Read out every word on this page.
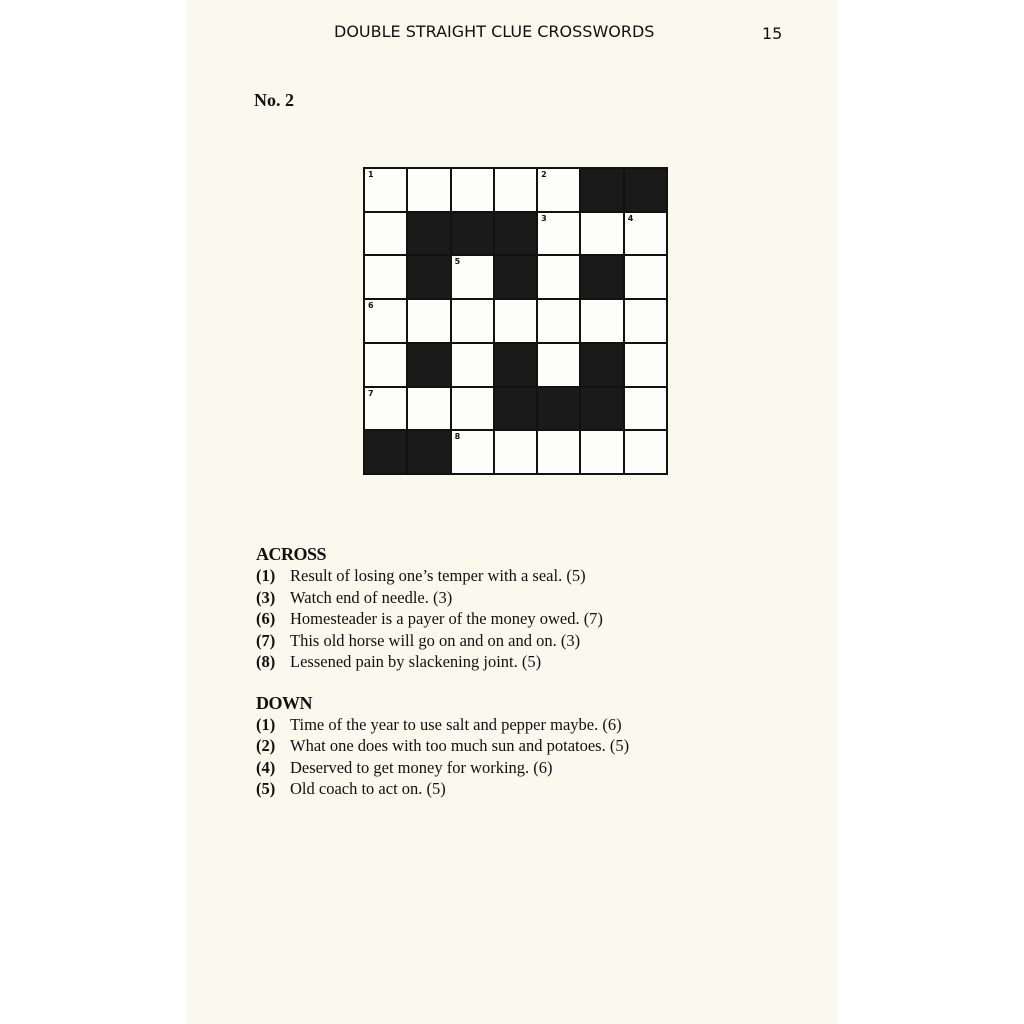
DOUBLE STRAIGHT CLUE CROSSWORDS	15
No. 2
1	2
3	4
5
6
7
8
ACROSS
(1) Result of losing one’s temper with a seal. (5)
(3) Watch end of needle. (3)
(6) Homesteader is a payer of the money owed. (7)
(7) This old horse will go on and on and on. (3)
(8) Lessened pain by slackening joint. (5)
DOWN
(1) Time of the year to use salt and pepper maybe. (6)
(2) What one does with too much sun and potatoes. (5)
(4) Deserved to get money for working. (6)
(5) Old coach to act on. (5)
